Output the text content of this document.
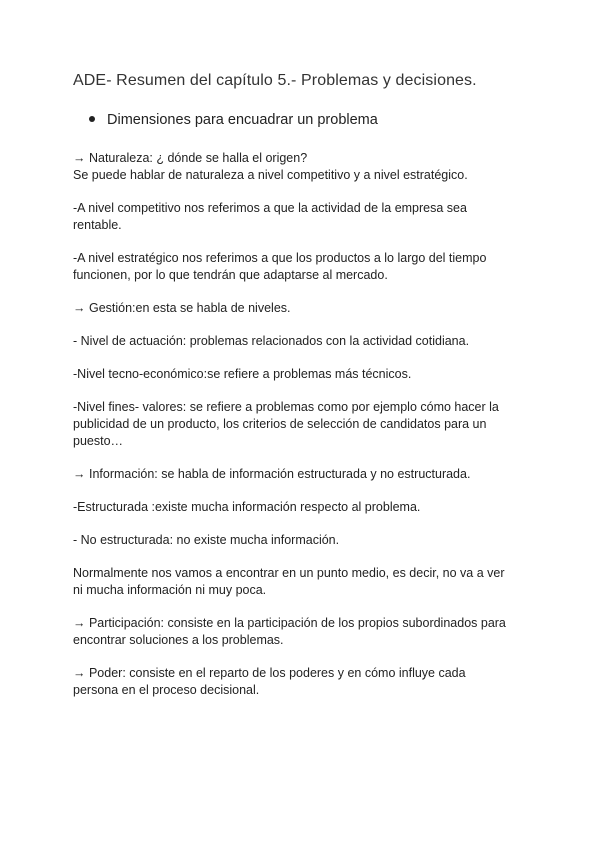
ADE- Resumen del capítulo 5.- Problemas y decisiones.
Dimensiones para encuadrar un problema
→ Naturaleza: ¿ dónde se halla el origen?
Se puede hablar de naturaleza a nivel competitivo y a nivel estratégico.
-A nivel competitivo nos referimos a que la actividad de la empresa sea
rentable.
-A nivel estratégico nos referimos a que los productos a lo largo del tiempo
funcionen, por lo que tendrán que adaptarse al mercado.
→ Gestión:en esta se habla de niveles.
- Nivel de actuación: problemas relacionados con la actividad cotidiana.
-Nivel tecno-económico:se refiere a problemas más técnicos.
-Nivel fines- valores: se refiere a problemas como por ejemplo cómo hacer la
publicidad de un producto, los criterios de selección de candidatos para un
puesto…
→ Información: se habla de información estructurada y no estructurada.
-Estructurada :existe mucha información respecto al problema.
- No estructurada: no existe mucha información.
Normalmente nos vamos a encontrar en un punto medio, es decir, no va a ver
ni mucha información ni muy poca.
→ Participación: consiste en la participación de los propios subordinados para
encontrar soluciones a los problemas.
→ Poder: consiste en el reparto de los poderes y en cómo influye cada
persona en el proceso decisional.
